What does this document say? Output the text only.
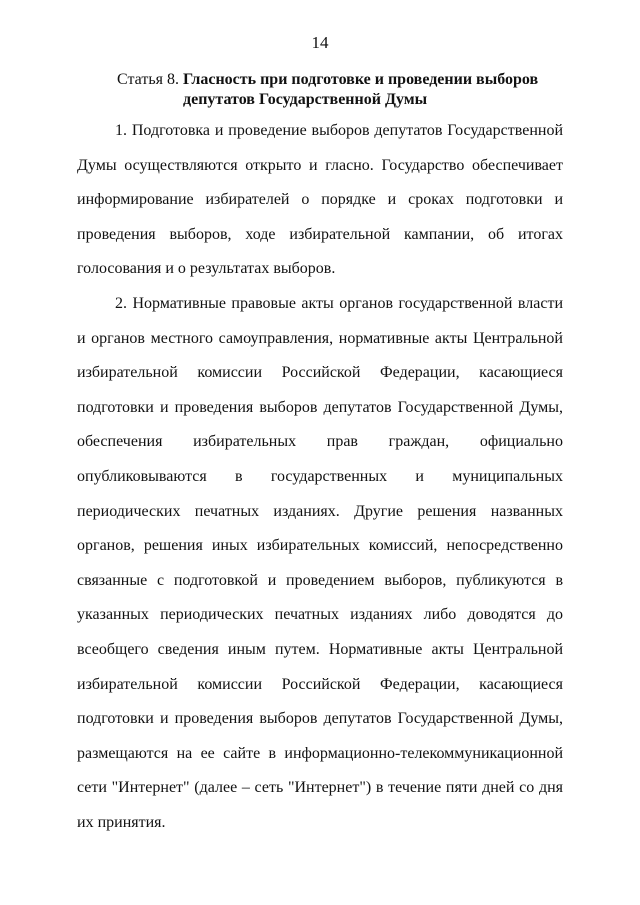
14
Статья 8. Гласность при подготовке и проведении выборов
депутатов Государственной Думы

1. Подготовка и проведение выборов депутатов Государственной Думы осуществляются открыто и гласно. Государство обеспечивает информирование избирателей о порядке и сроках подготовки и проведения выборов, ходе избирательной кампании, об итогах голосования и о результатах выборов.

2. Нормативные правовые акты органов государственной власти и органов местного самоуправления, нормативные акты Центральной избирательной комиссии Российской Федерации, касающиеся подготовки и проведения выборов депутатов Государственной Думы, обеспечения избирательных прав граждан, официально опубликовываются в государственных и муниципальных периодических печатных изданиях. Другие решения названных органов, решения иных избирательных комиссий, непосредственно связанные с подготовкой и проведением выборов, публикуются в указанных периодических печатных изданиях либо доводятся до всеобщего сведения иным путем. Нормативные акты Центральной избирательной комиссии Российской Федерации, касающиеся подготовки и проведения выборов депутатов Государственной Думы, размещаются на ее сайте в информационно-телекоммуникационной сети "Интернет" (далее – сеть "Интернет") в течение пяти дней со дня их принятия.
